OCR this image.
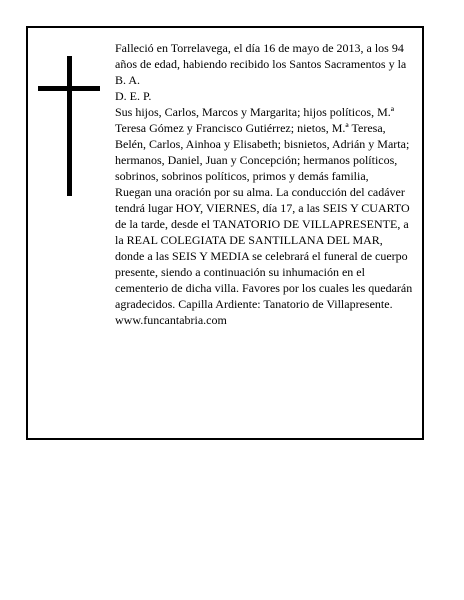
Falleció en Torrelavega, el día 16 de mayo de 2013, a los 94 años de edad, habiendo recibido los Santos Sacramentos y la B. A.

D. E. P.

Sus hijos, Carlos, Marcos y Margarita; hijos políticos, M.ª Teresa Gómez y Francisco Gutiérrez; nietos, M.ª Teresa, Belén, Carlos, Ainhoa y Elisabeth; bisnietos, Adrián y Marta; hermanos, Daniel, Juan y Concepción; hermanos políticos, sobrinos, sobrinos políticos, primos y demás familia,

Ruegan una oración por su alma. La conducción del cadáver tendrá lugar HOY, VIERNES, día 17, a las SEIS Y CUARTO de la tarde, desde el TANATORIO DE VILLAPRESENTE, a la REAL COLEGIATA DE SANTILLANA DEL MAR, donde a las SEIS Y MEDIA se celebrará el funeral de cuerpo presente, siendo a continuación su inhumación en el cementerio de dicha villa. Favores por los cuales les quedarán agradecidos. Capilla Ardiente: Tanatorio de Villapresente.

www.funcantabria.com
